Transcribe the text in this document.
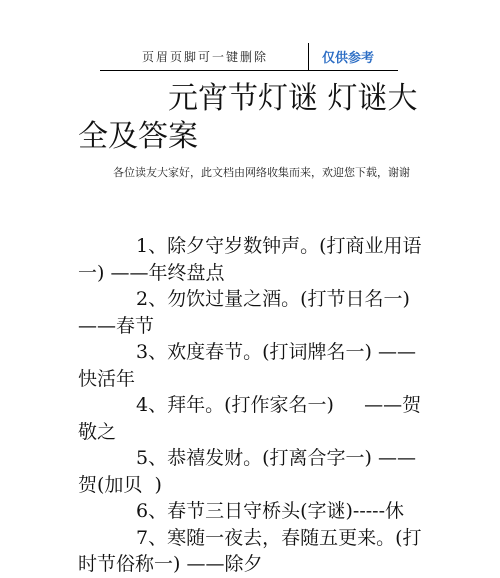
页眉页脚可一键删除	仅供参考
元宵节灯谜 灯谜大全及答案
各位读友大家好，此文档由网络收集而来，欢迎您下载，谢谢
1、除夕守岁数钟声。(打商业用语一) ——年终盘点
2、勿饮过量之酒。(打节日名一) ——春节
3、欢度春节。(打词牌名一) ——快活年
4、拜年。(打作家名一)     ——贺敬之
5、恭禧发财。(打离合字一) ——贺(加贝  )
6、春节三日守桥头(字谜)-----休
7、寒随一夜去，春随五更来。(打时节俗称一) ——除夕
